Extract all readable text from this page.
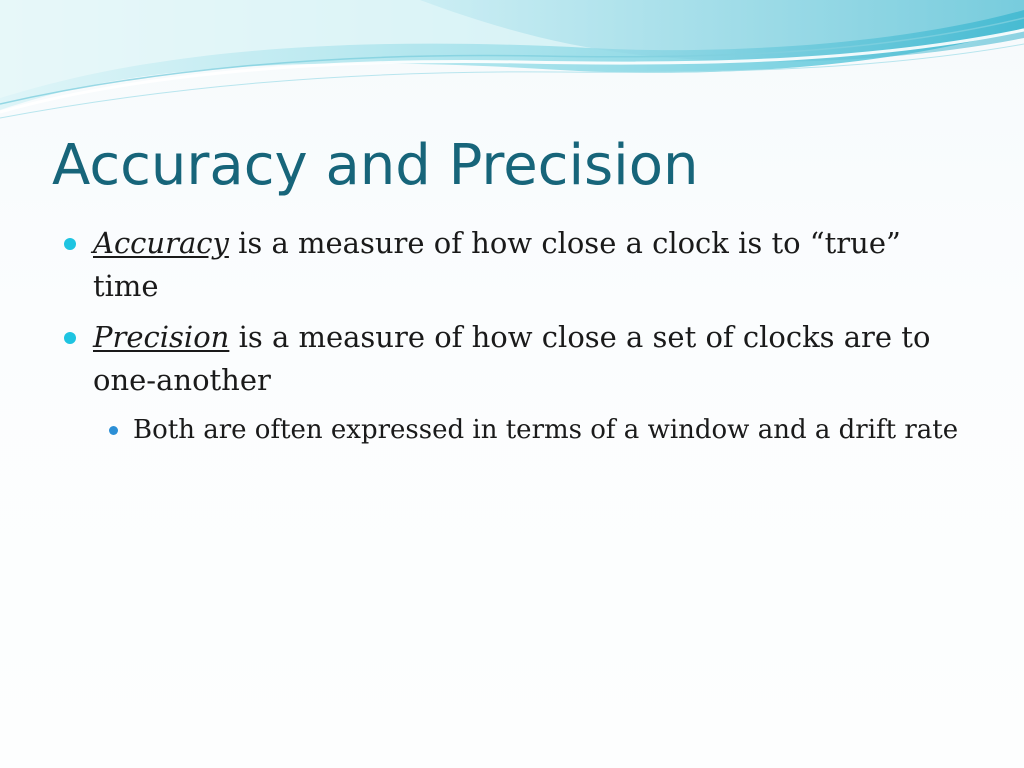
Accuracy and Precision
Accuracy is a measure of how close a clock is to “true” time
Precision is a measure of how close a set of clocks are to one-another
Both are often expressed in terms of a window and a drift rate
